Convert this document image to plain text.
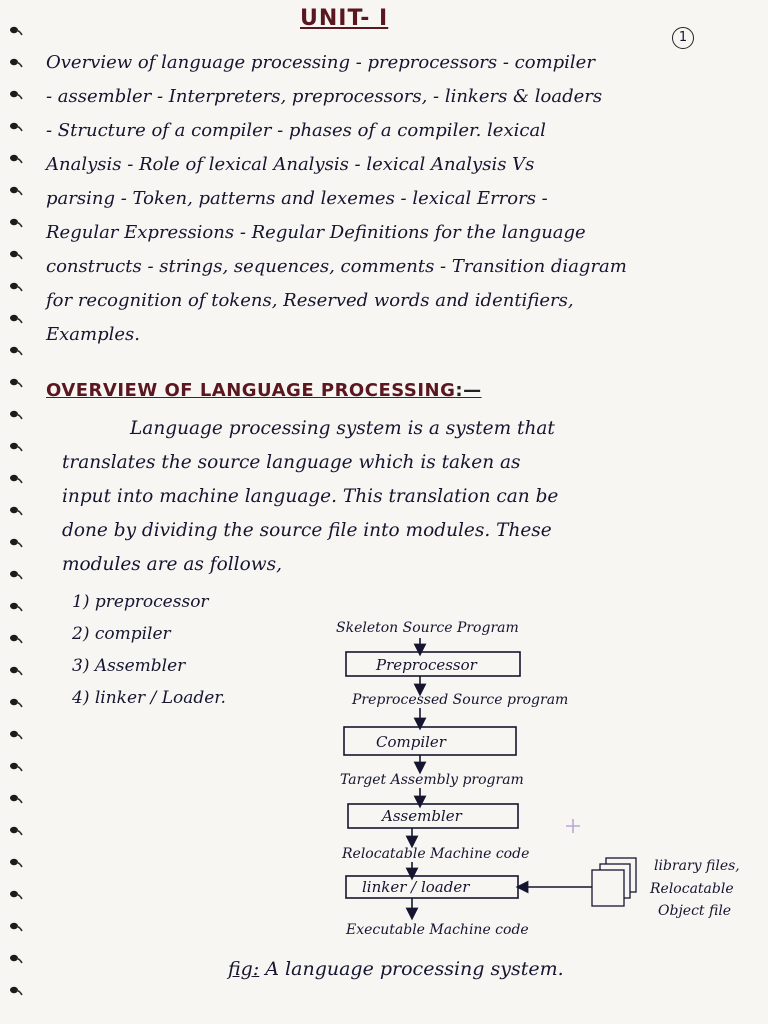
UNIT- I
1
Overview of language processing - preprocessors - compiler
- assembler - Interpreters, preprocessors, - linkers & loaders
- Structure of a compiler - phases of a compiler. lexical
Analysis - Role of lexical Analysis - lexical Analysis Vs
parsing - Token, patterns and lexemes - lexical Errors -
Regular Expressions - Regular Definitions for the language
constructs - strings, sequences, comments - Transition diagram
for recognition of tokens, Reserved words and identifiers,
Examples.
OVERVIEW OF LANGUAGE PROCESSING:—
Language processing system is a system that
translates the source language which is taken as
input into machine language. This translation can be
done by dividing the source file into modules. These
modules are as follows,
1) preprocessor
2) compiler
3) Assembler
4) linker / Loader.
Skeleton Source Program
Preprocessor
Preprocessed Source program
Compiler
Target Assembly program
Assembler
Relocatable Machine code
linker / loader
library files,
Relocatable
Object file
Executable Machine code
fig: A language processing system.
